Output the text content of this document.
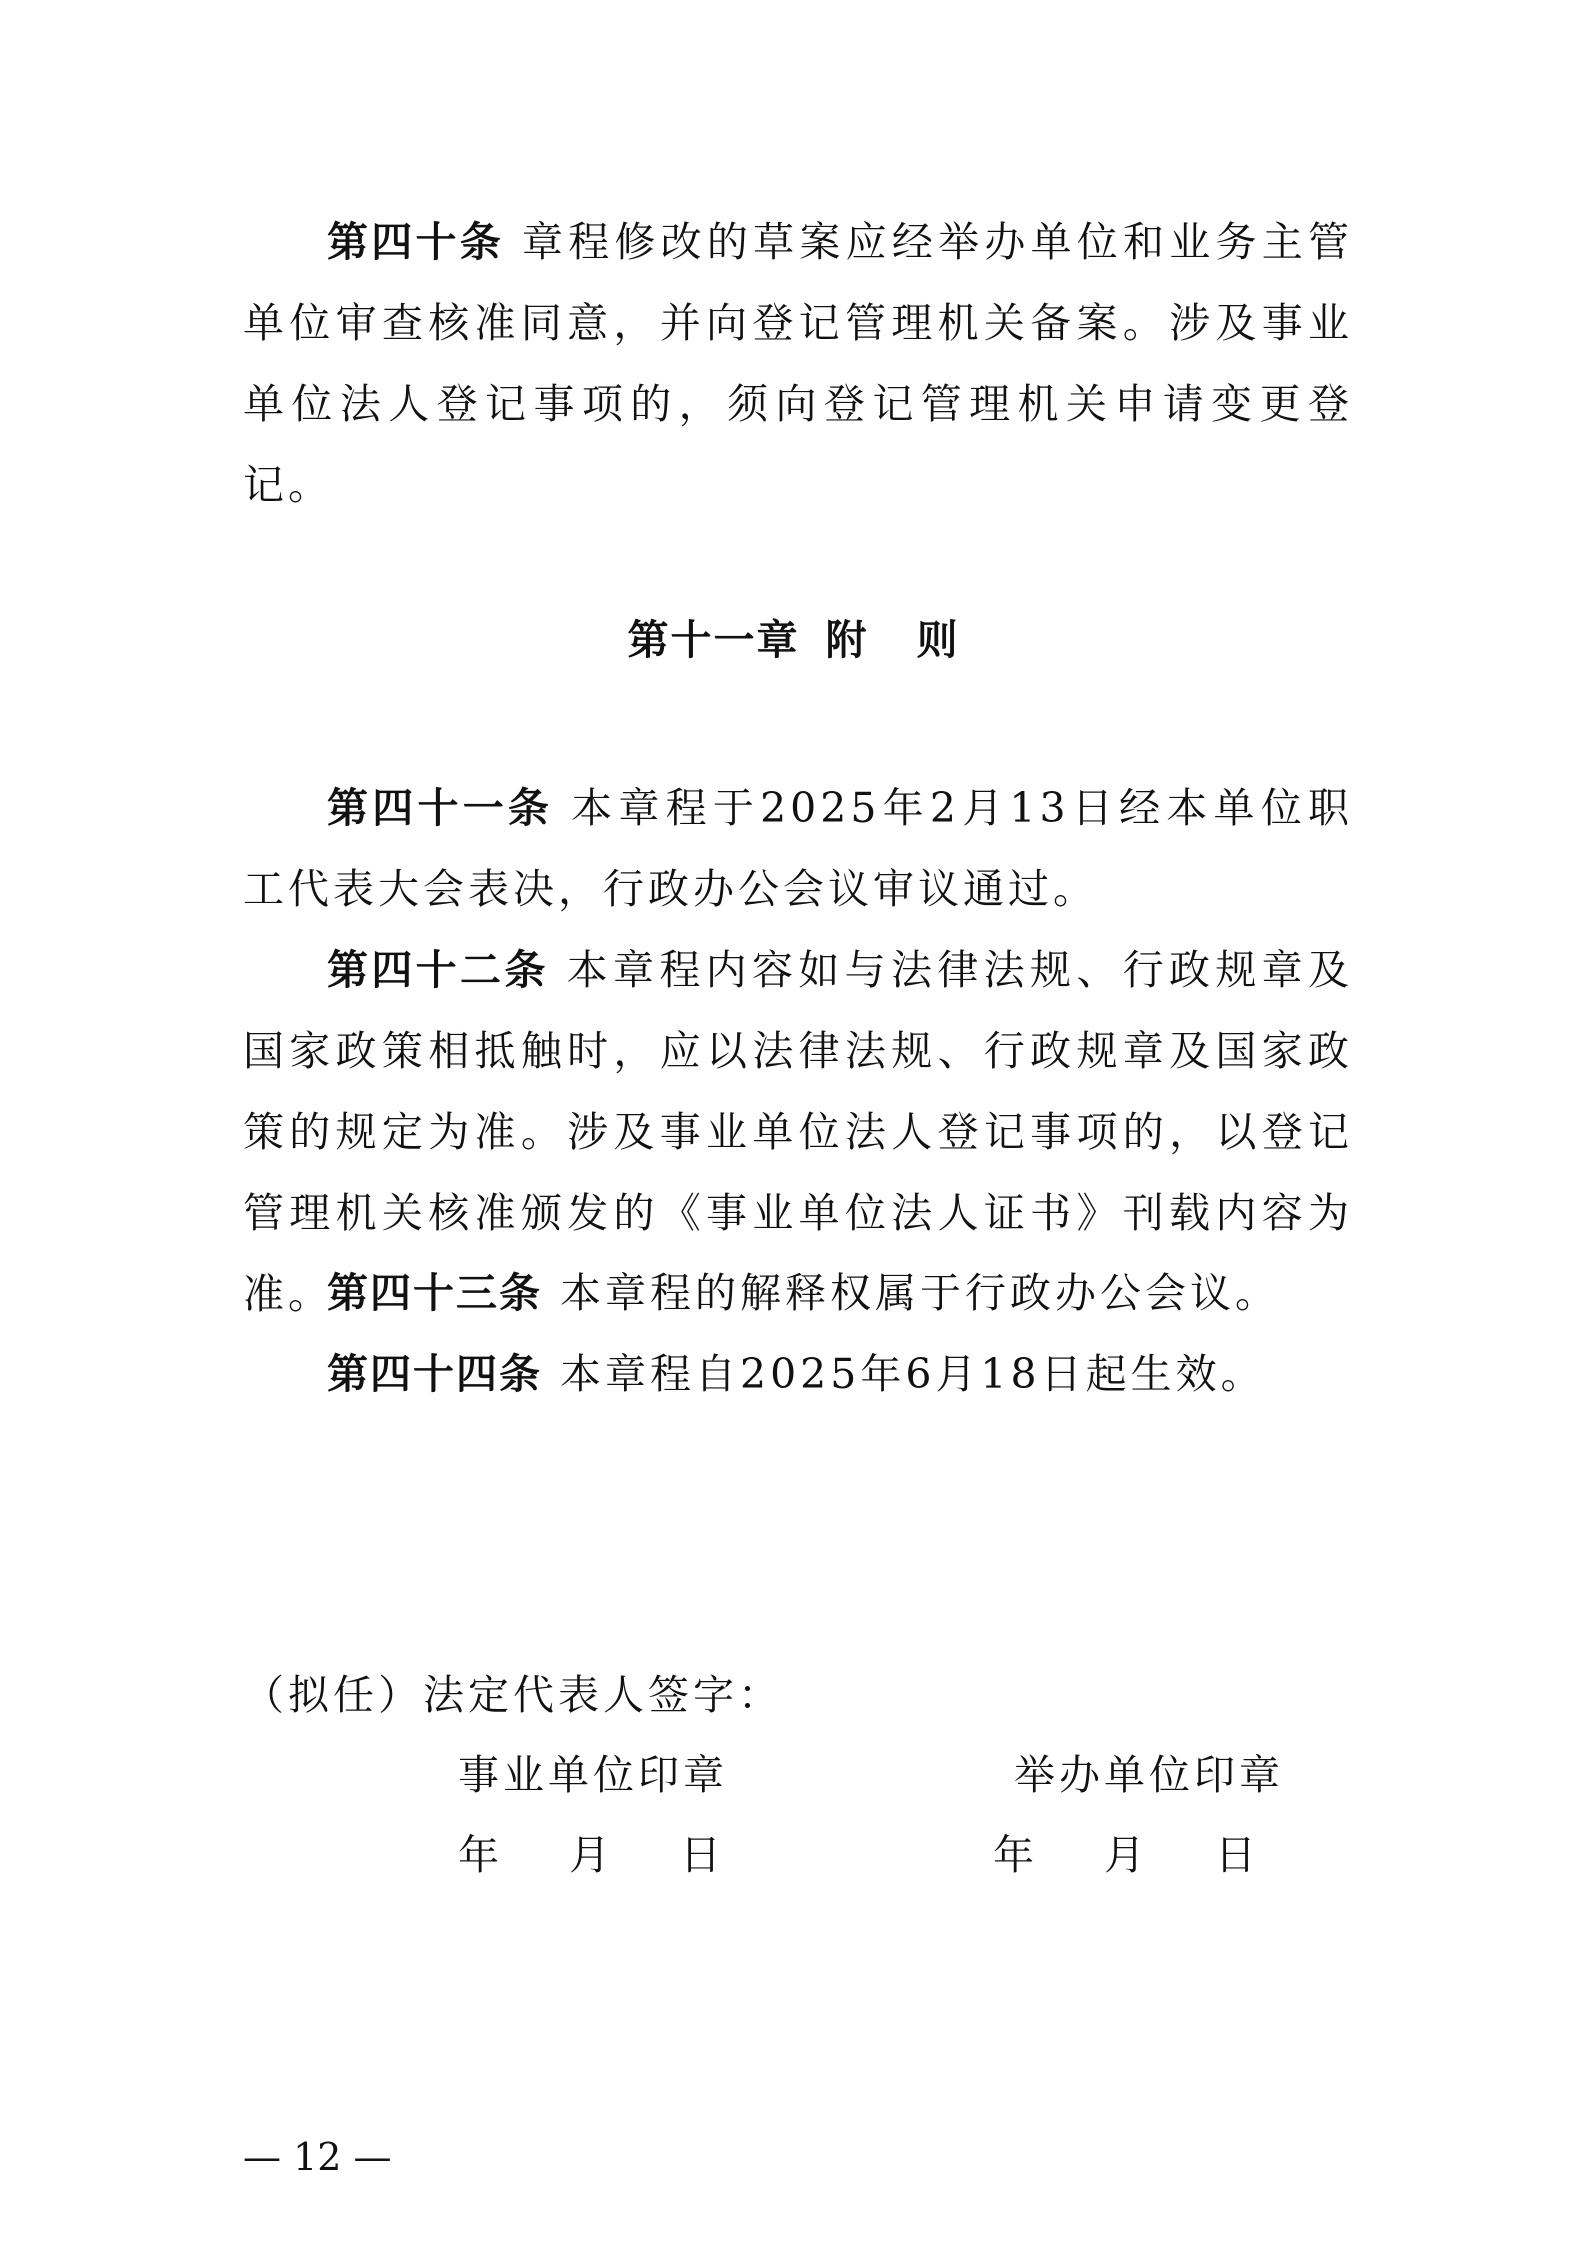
第四十条 章程修改的草案应经举办单位和业务主管单位审查核准同意，并向登记管理机关备案。涉及事业单位法人登记事项的，须向登记管理机关申请变更登记。

第十一章 附 则

第四十一条 本章程于2025年2月13日经本单位职工代表大会表决，行政办公会议审议通过。

第四十二条 本章程内容如与法律法规、行政规章及国家政策相抵触时，应以法律法规、行政规章及国家政策的规定为准。涉及事业单位法人登记事项的，以登记管理机关核准颁发的《事业单位法人证书》刊载内容为准。

第四十三条 本章程的解释权属于行政办公会议。

第四十四条 本章程自2025年6月18日起生效。

（拟任）法定代表人签字：
事业单位印章	举办单位印章
年 月 日	年 月 日
— 12 —
